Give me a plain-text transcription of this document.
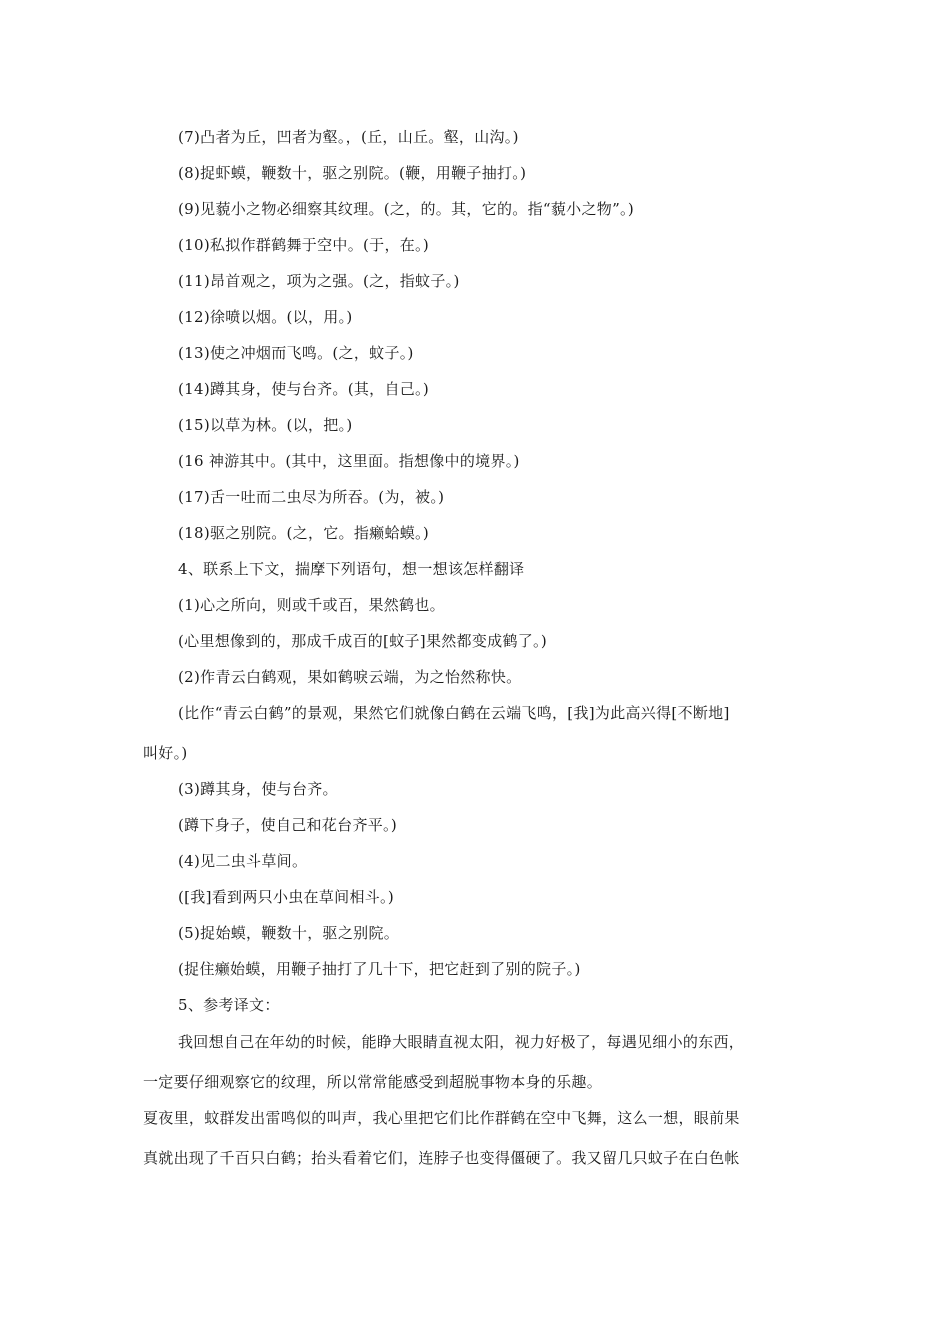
(7)凸者为丘，凹者为壑。，(丘，山丘。壑，山沟。)
(8)捉虾蟆，鞭数十，驱之别院。(鞭，用鞭子抽打。)
(9)见藐小之物必细察其纹理。(之，的。其，它的。指“藐小之物”。)
(10)私拟作群鹤舞于空中。(于，在。)
(11)昂首观之，项为之强。(之，指蚊子。)
(12)徐喷以烟。(以，用。)
(13)使之冲烟而飞鸣。(之，蚊子。)
(14)蹲其身，使与台齐。(其，自己。)
(15)以草为林。(以，把。)
(16 神游其中。(其中，这里面。指想像中的境界。)
(17)舌一吐而二虫尽为所吞。(为，被。)
(18)驱之别院。(之，它。指癞蛤蟆。)
4、联系上下文，揣摩下列语句，想一想该怎样翻译
(1)心之所向，则或千或百，果然鹤也。
(心里想像到的，那成千成百的[蚊子]果然都变成鹤了。)
(2)作青云白鹤观，果如鹤唳云端，为之怡然称快。
(比作“青云白鹤”的景观，果然它们就像白鹤在云端飞鸣，[我]为此高兴得[不断地]
叫好。)
(3)蹲其身，使与台齐。
(蹲下身子，使自己和花台齐平。)
(4)见二虫斗草间。
([我]看到两只小虫在草间相斗。)
(5)捉始蟆，鞭数十，驱之别院。
(捉住癞始蟆，用鞭子抽打了几十下，把它赶到了别的院子。)
5、参考译文：
我回想自己在年幼的时候，能睁大眼睛直视太阳，视力好极了，每遇见细小的东西，
一定要仔细观察它的纹理，所以常常能感受到超脱事物本身的乐趣。
夏夜里，蚊群发出雷鸣似的叫声，我心里把它们比作群鹤在空中飞舞，这么一想，眼前果
真就出现了千百只白鹤；抬头看着它们，连脖子也变得僵硬了。我又留几只蚊子在白色帐
